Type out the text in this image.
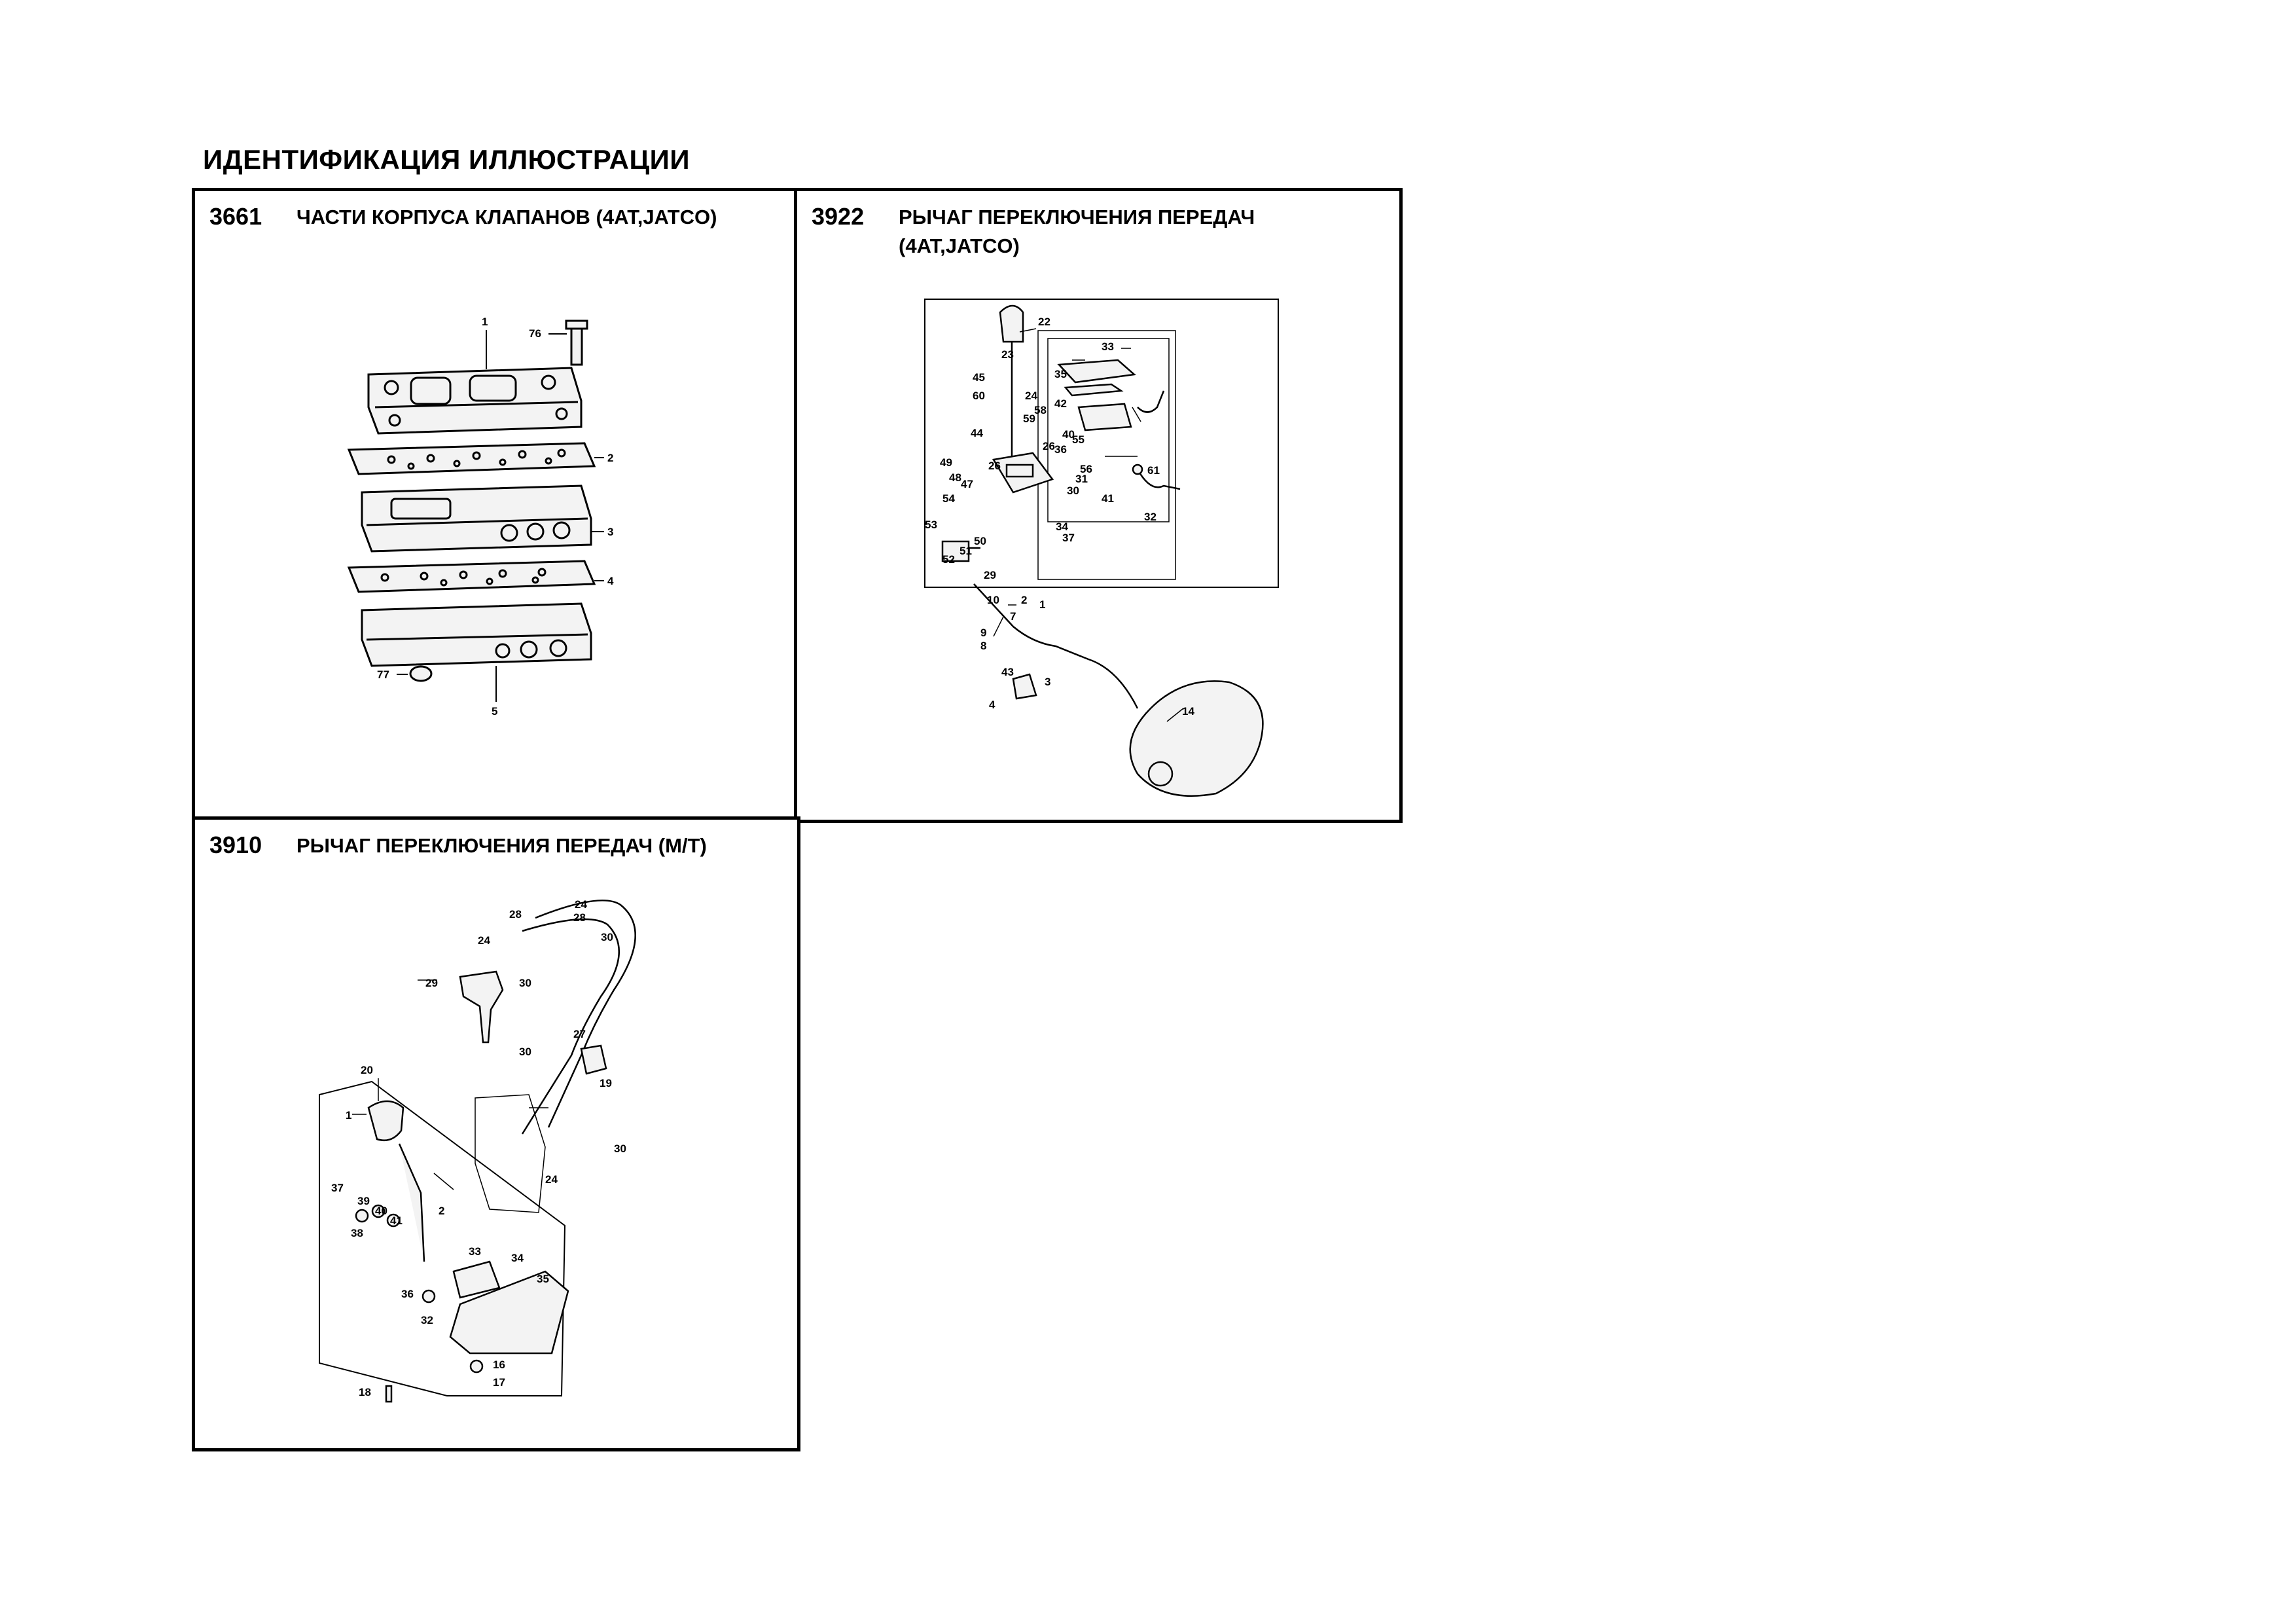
ИДЕНТИФИКАЦИЯ ИЛЛЮСТРАЦИИ
3661 ЧАСТИ КОРПУСА КЛАПАНОВ (4AT,JATCO)
1
76
2
3
4
77
5
3922 РЫЧАГ ПЕРЕКЛЮЧЕНИЯ ПЕРЕДАЧ (4AT,JATCO)
22
23
45
60	24
58
59
44
26
26
55
56
31
30
49
48
47
54
53
51
50
52
29
34
37
33
35
42
40
36
61
41
32
10 2 1
7
9
8
43
4
3
14
3910 РЫЧАГ ПЕРЕКЛЮЧЕНИЯ ПЕРЕДАЧ (M/T)
24
28	28
24	30
29	30
30
27
19
20
1
30
24
37
39
40
41
2
38
33
34
36
35
32
16
17
18
